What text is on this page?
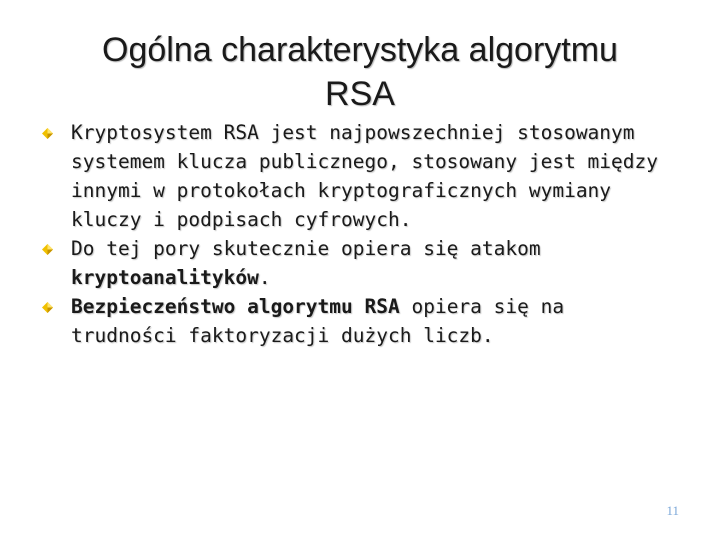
Ogólna charakterystyka algorytmu
RSA
Kryptosystem RSA jest najpowszechniej stosowanym systemem klucza publicznego, stosowany jest między innymi w protokołach kryptograficznych wymiany kluczy i podpisach cyfrowych.
Do tej pory skutecznie opiera się atakom kryptoanalityków.
Bezpieczeństwo algorytmu RSA opiera się na trudności faktoryzacji dużych liczb.
11
